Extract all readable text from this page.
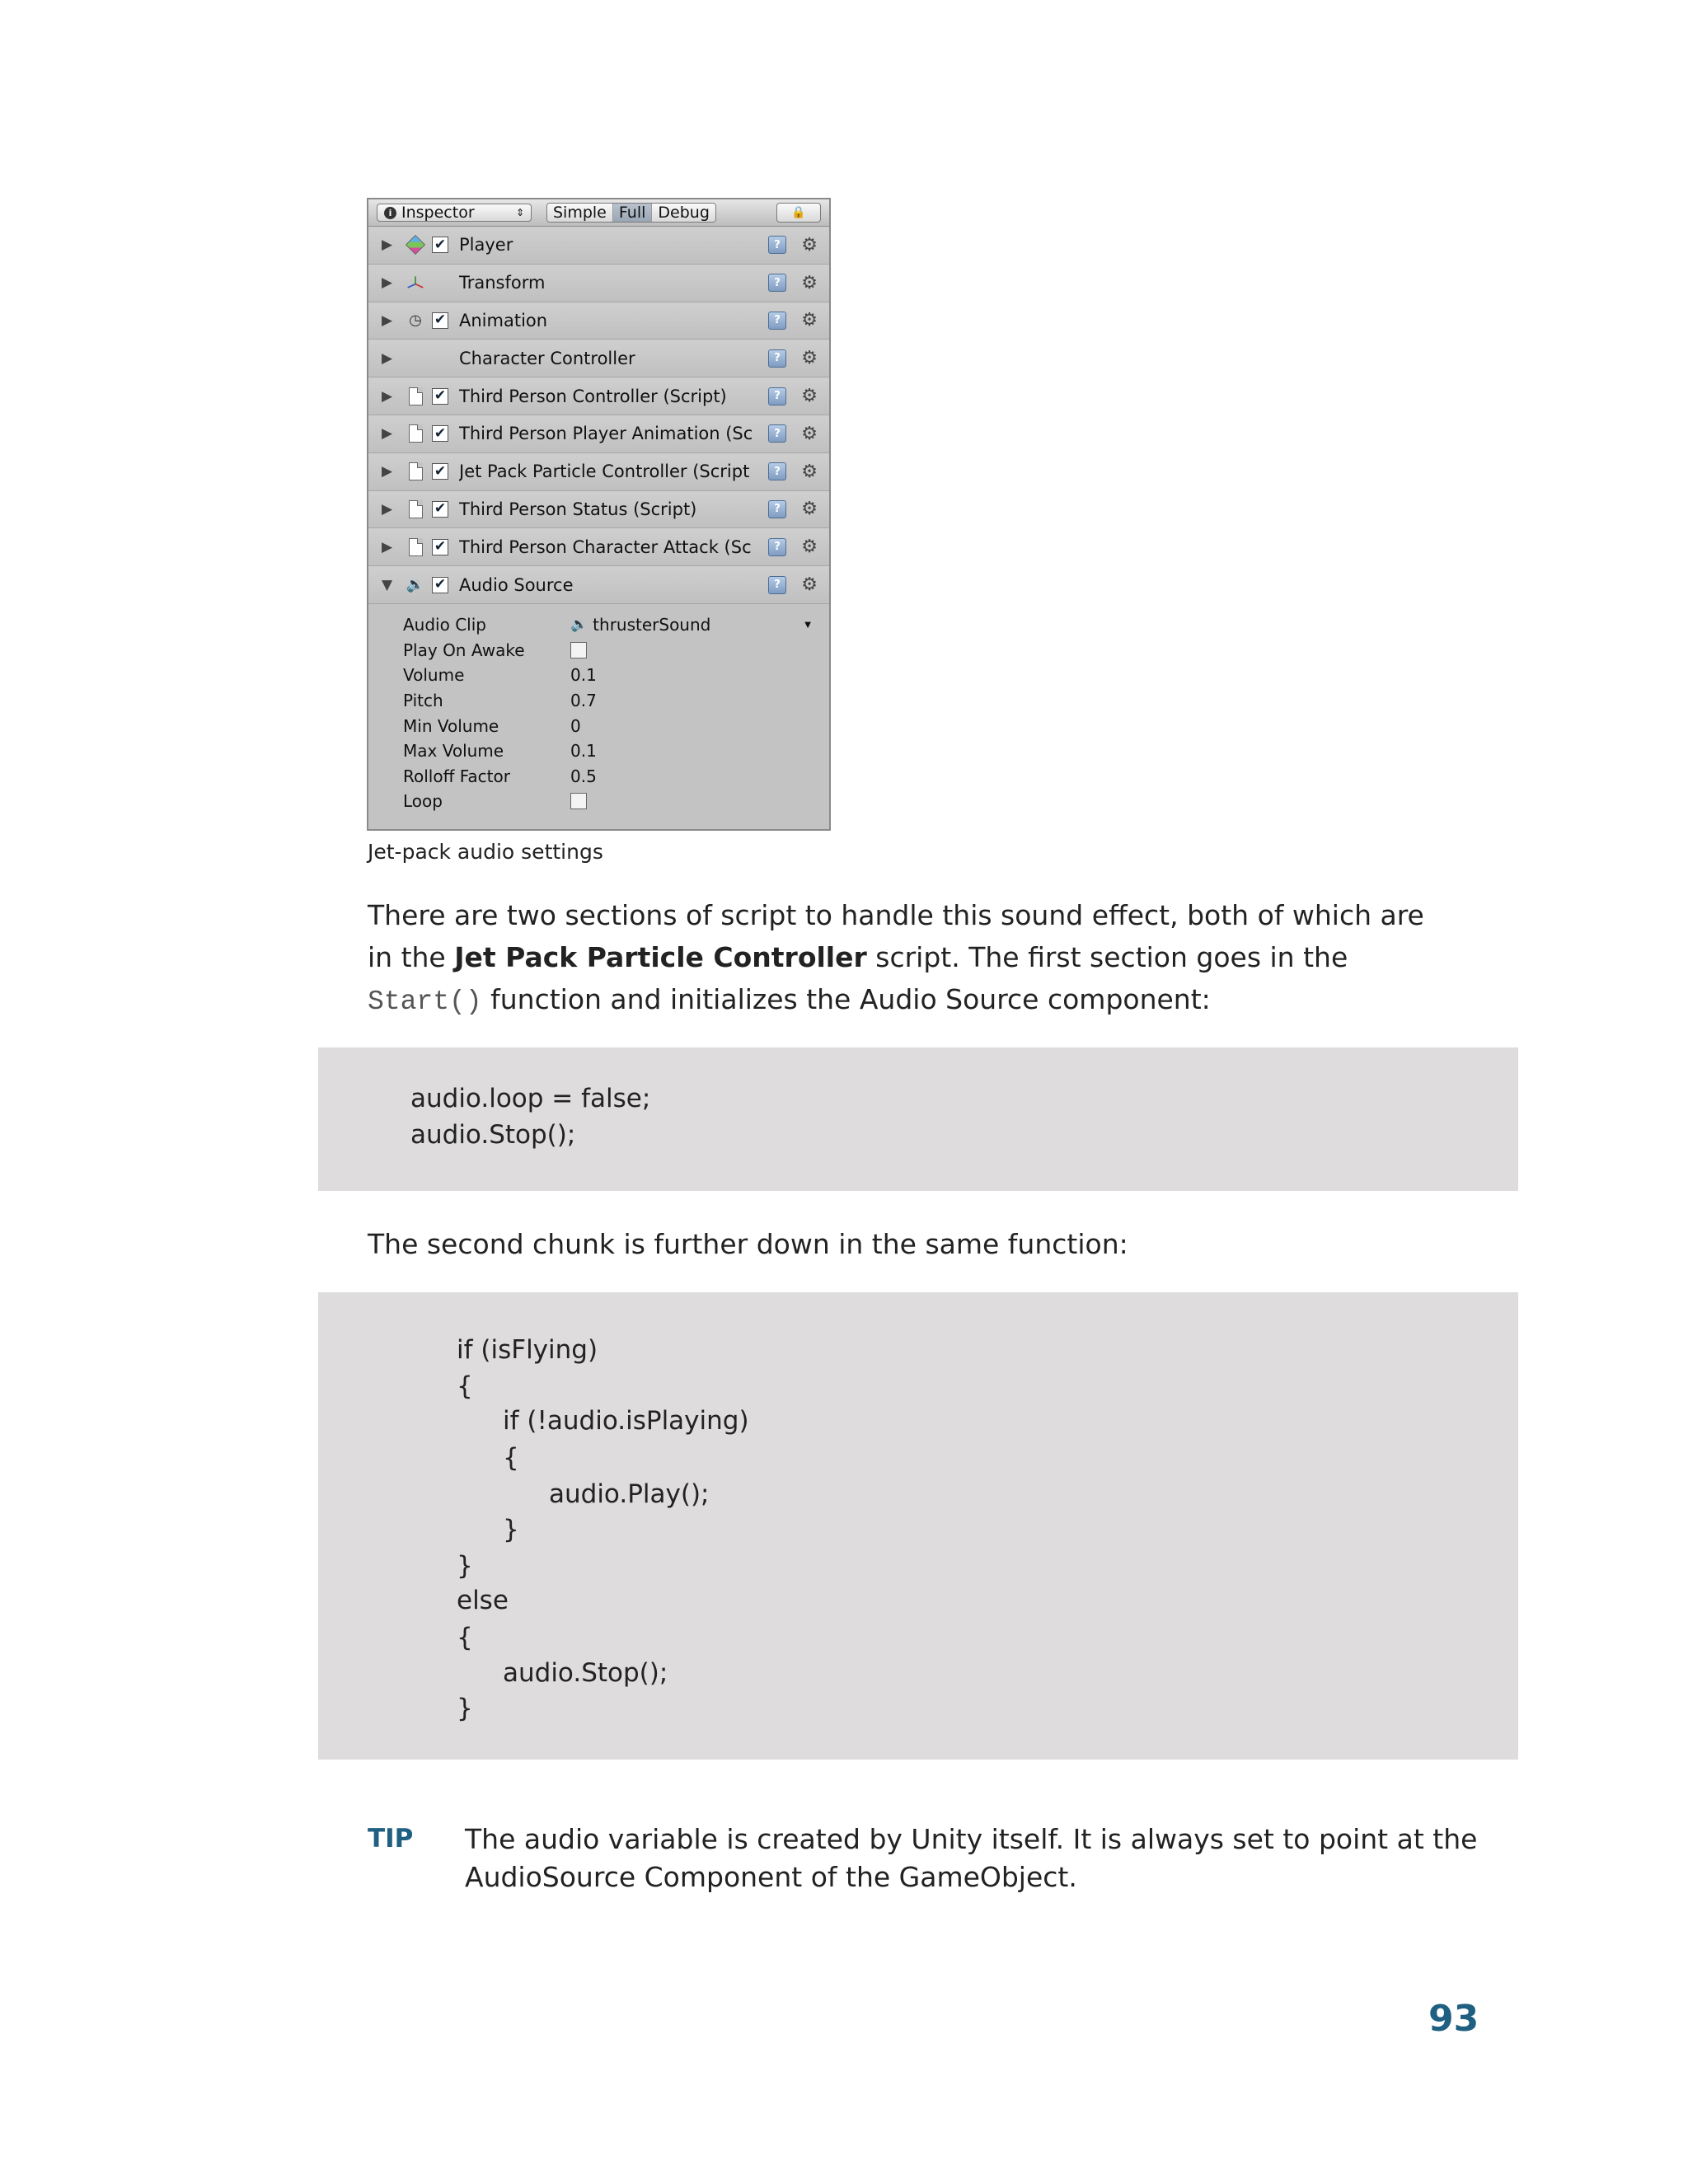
i Inspector	⇕	Simple Full Debug	🔒
▶	✔ Player	?	⚙
▶	Transform	?	⚙
▶ ◷ ✔ Animation	?	⚙
▶	Character Controller	?	⚙
▶	✔ Third Person Controller (Script)	?	⚙
▶	✔ Third Person Player Animation (Sc	?	⚙
▶	✔ Jet Pack Particle Controller (Script	?	⚙
▶	✔ Third Person Status (Script)	?	⚙
▶	✔ Third Person Character Attack (Sc	?	⚙
▼ 🔉 ✔ Audio Source	?	⚙
Audio Clip	🔉 thrusterSound	▼
Play On Awake
Volume	0.1
Pitch	0.7
Min Volume	0
Max Volume	0.1
Rolloff Factor	0.5
Loop
Jet-pack audio settings
There are two sections of script to handle this sound effect, both of which are in the Jet Pack Particle Controller script. The first section goes in the Start() function and initializes the Audio Source component:
audio.loop = false;
audio.Stop();
The second chunk is further down in the same function:
if (isFlying)
{
if (!audio.isPlaying)
{
audio.Play();
}
}
else
{
audio.Stop();
}
TIP The audio variable is created by Unity itself. It is always set to point at the AudioSource Component of the GameObject.
93
